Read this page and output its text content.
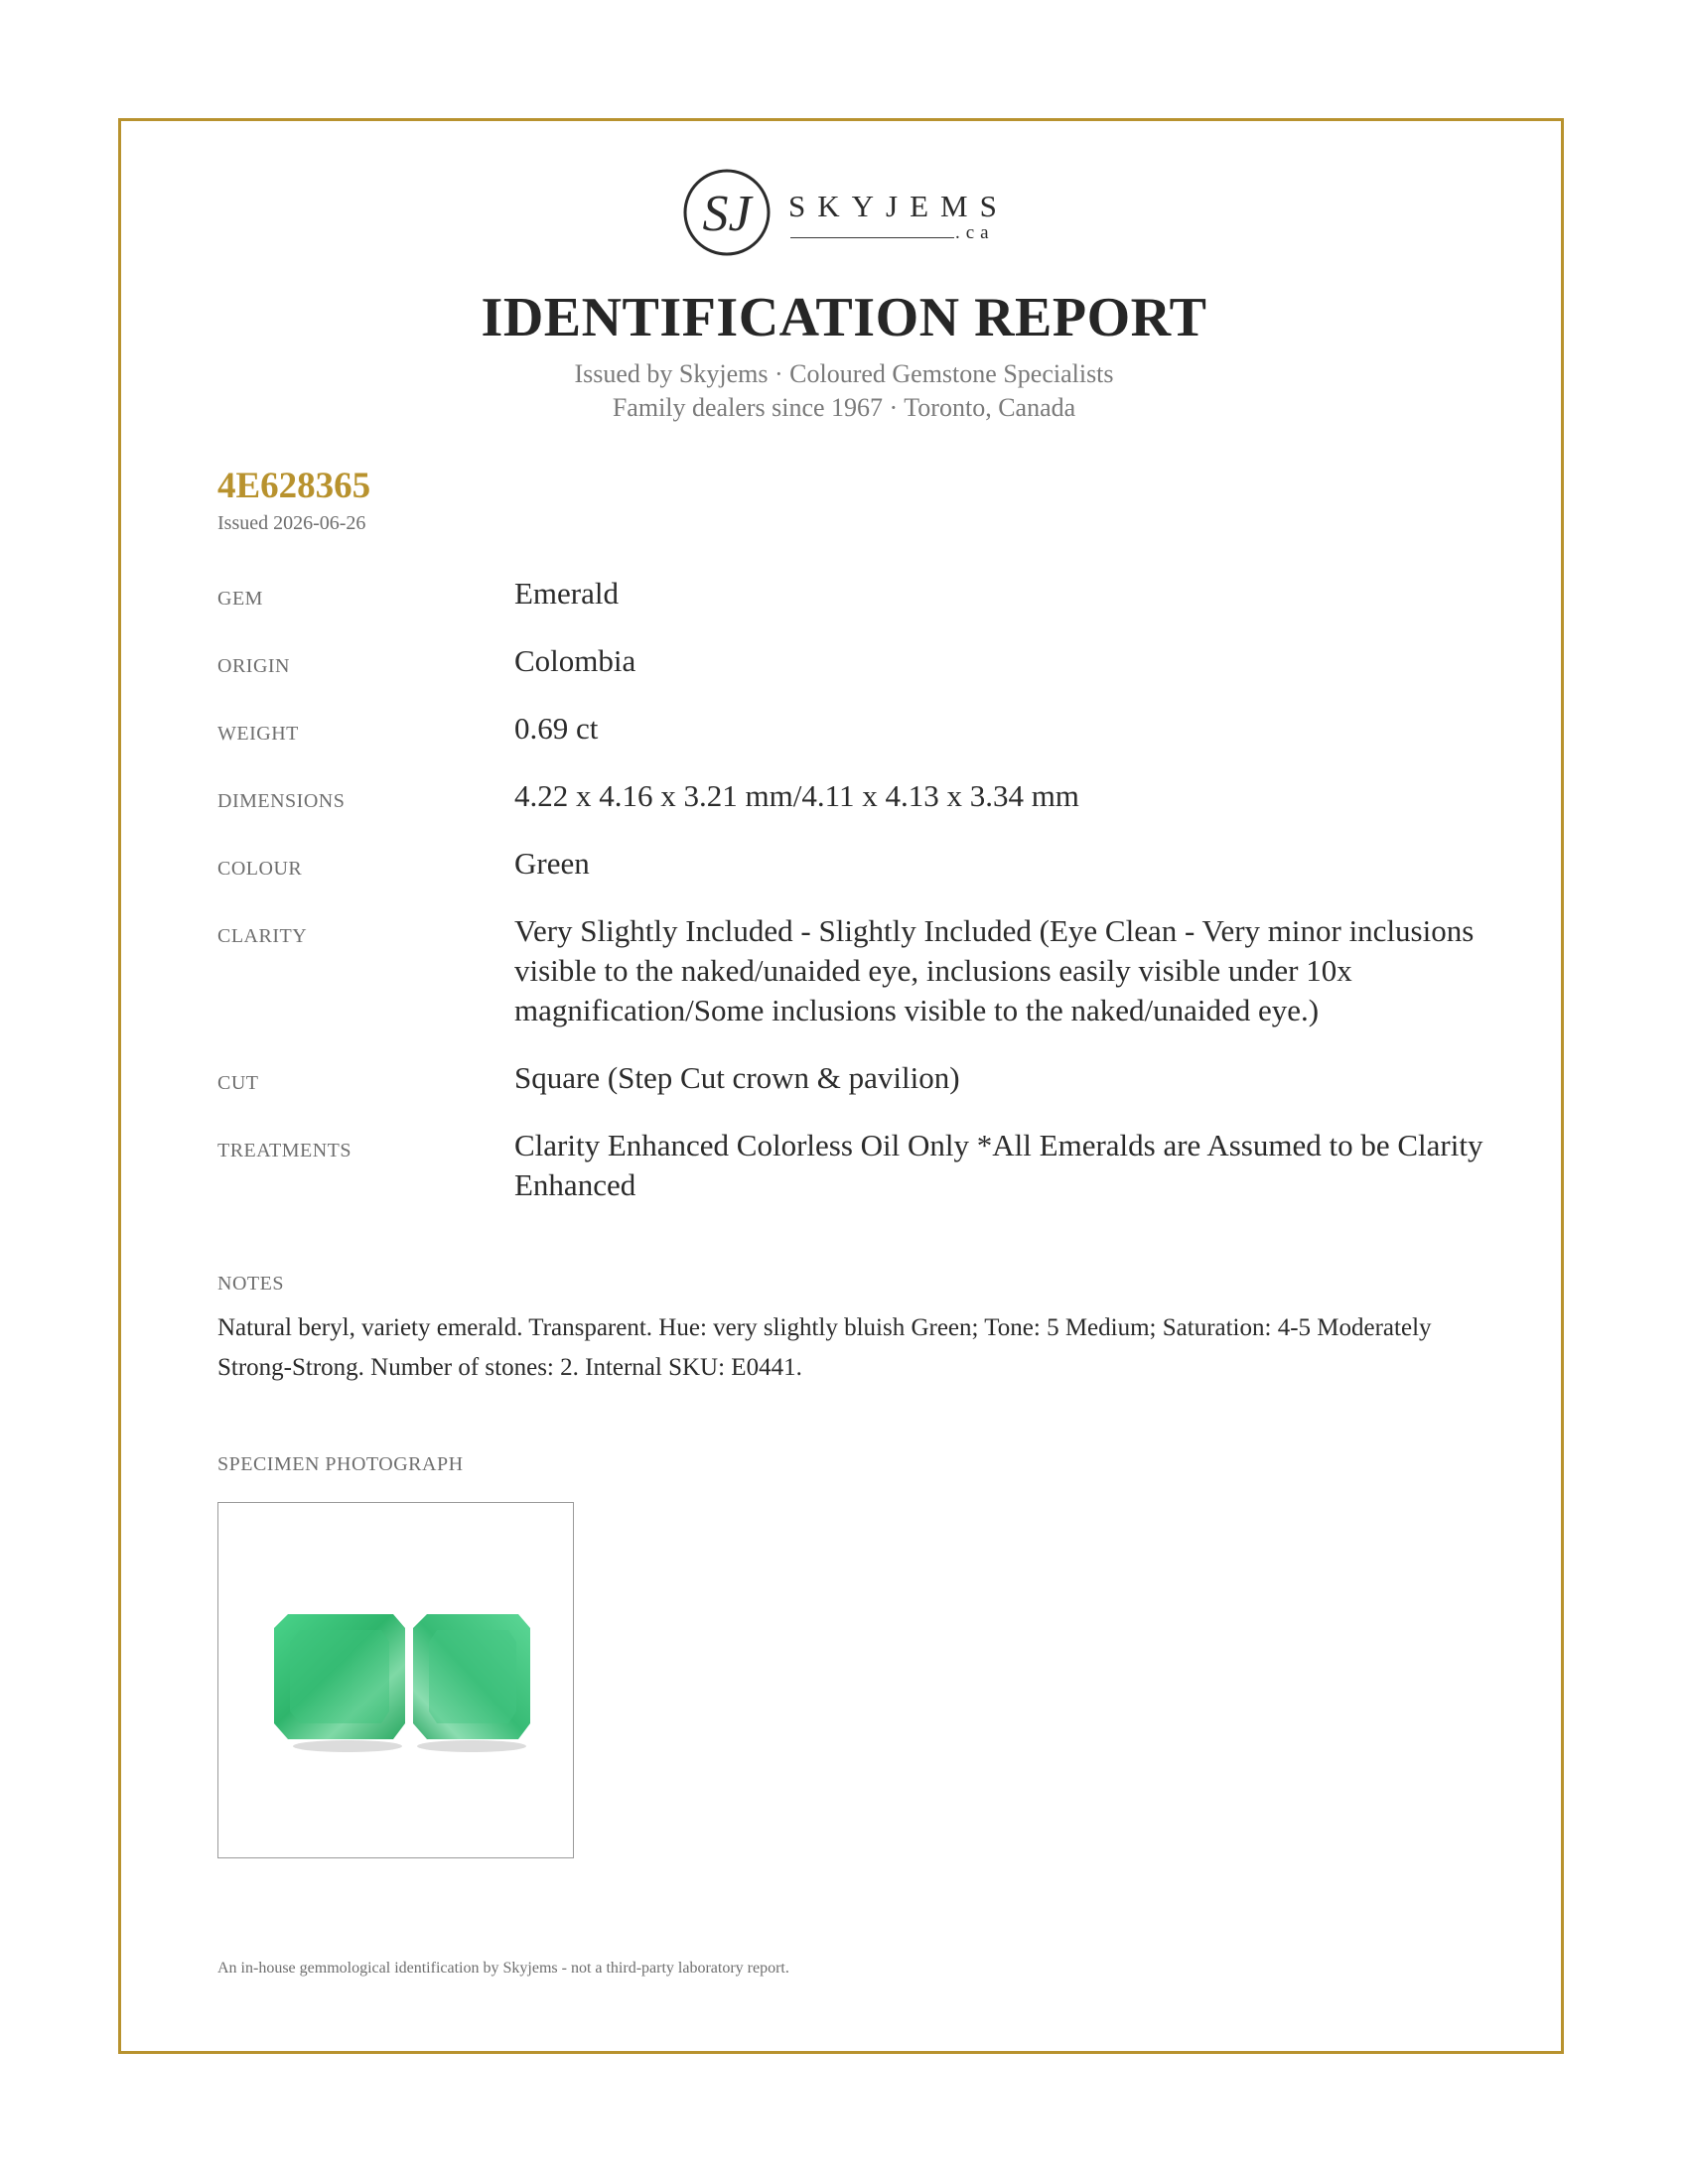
SJ SKYJEMS
.ca
IDENTIFICATION REPORT
Issued by Skyjems · Coloured Gemstone Specialists
Family dealers since 1967 · Toronto, Canada
4E628365
Issued 2026-06-26
GEM	Emerald
ORIGIN	Colombia
WEIGHT	0.69 ct
DIMENSIONS	4.22 x 4.16 x 3.21 mm/4.11 x 4.13 x 3.34 mm
COLOUR	Green
CLARITY	Very Slightly Included - Slightly Included (Eye Clean - Very minor inclusions visible to the naked/unaided eye, inclusions easily visible under 10x magnification/Some inclusions visible to the naked/unaided eye.)
CUT	Square (Step Cut crown & pavilion)
TREATMENTS	Clarity Enhanced Colorless Oil Only *All Emeralds are Assumed to be Clarity Enhanced
NOTES
Natural beryl, variety emerald. Transparent. Hue: very slightly bluish Green; Tone: 5 Medium; Saturation: 4-5 Moderately Strong-Strong. Number of stones: 2. Internal SKU: E0441.
SPECIMEN PHOTOGRAPH
An in-house gemmological identification by Skyjems - not a third-party laboratory report.
